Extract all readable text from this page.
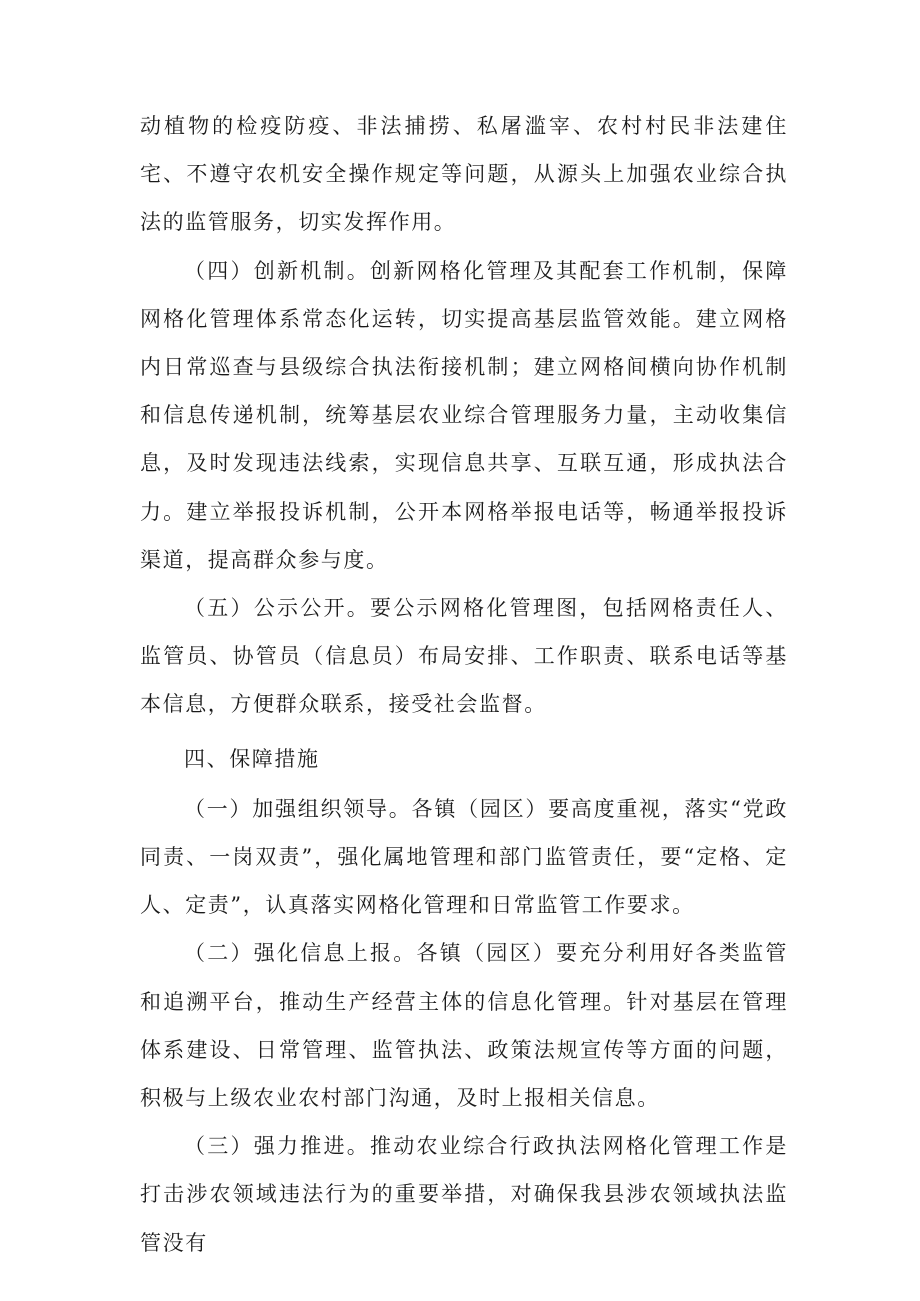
动植物的检疫防疫、非法捕捞、私屠滥宰、农村村民非法建住宅、不遵守农机安全操作规定等问题，从源头上加强农业综合执法的监管服务，切实发挥作用。

（四）创新机制。创新网格化管理及其配套工作机制，保障网格化管理体系常态化运转，切实提高基层监管效能。建立网格内日常巡查与县级综合执法衔接机制；建立网格间横向协作机制和信息传递机制，统筹基层农业综合管理服务力量，主动收集信息，及时发现违法线索，实现信息共享、互联互通，形成执法合力。建立举报投诉机制，公开本网格举报电话等，畅通举报投诉渠道，提高群众参与度。

（五）公示公开。要公示网格化管理图，包括网格责任人、监管员、协管员（信息员）布局安排、工作职责、联系电话等基本信息，方便群众联系，接受社会监督。

四、保障措施

（一）加强组织领导。各镇（园区）要高度重视，落实“党政同责、一岗双责”，强化属地管理和部门监管责任，要“定格、定人、定责”，认真落实网格化管理和日常监管工作要求。

（二）强化信息上报。各镇（园区）要充分利用好各类监管和追溯平台，推动生产经营主体的信息化管理。针对基层在管理体系建设、日常管理、监管执法、政策法规宣传等方面的问题，积极与上级农业农村部门沟通，及时上报相关信息。

（三）强力推进。推动农业综合行政执法网格化管理工作是打击涉农领域违法行为的重要举措，对确保我县涉农领域执法监管没有
